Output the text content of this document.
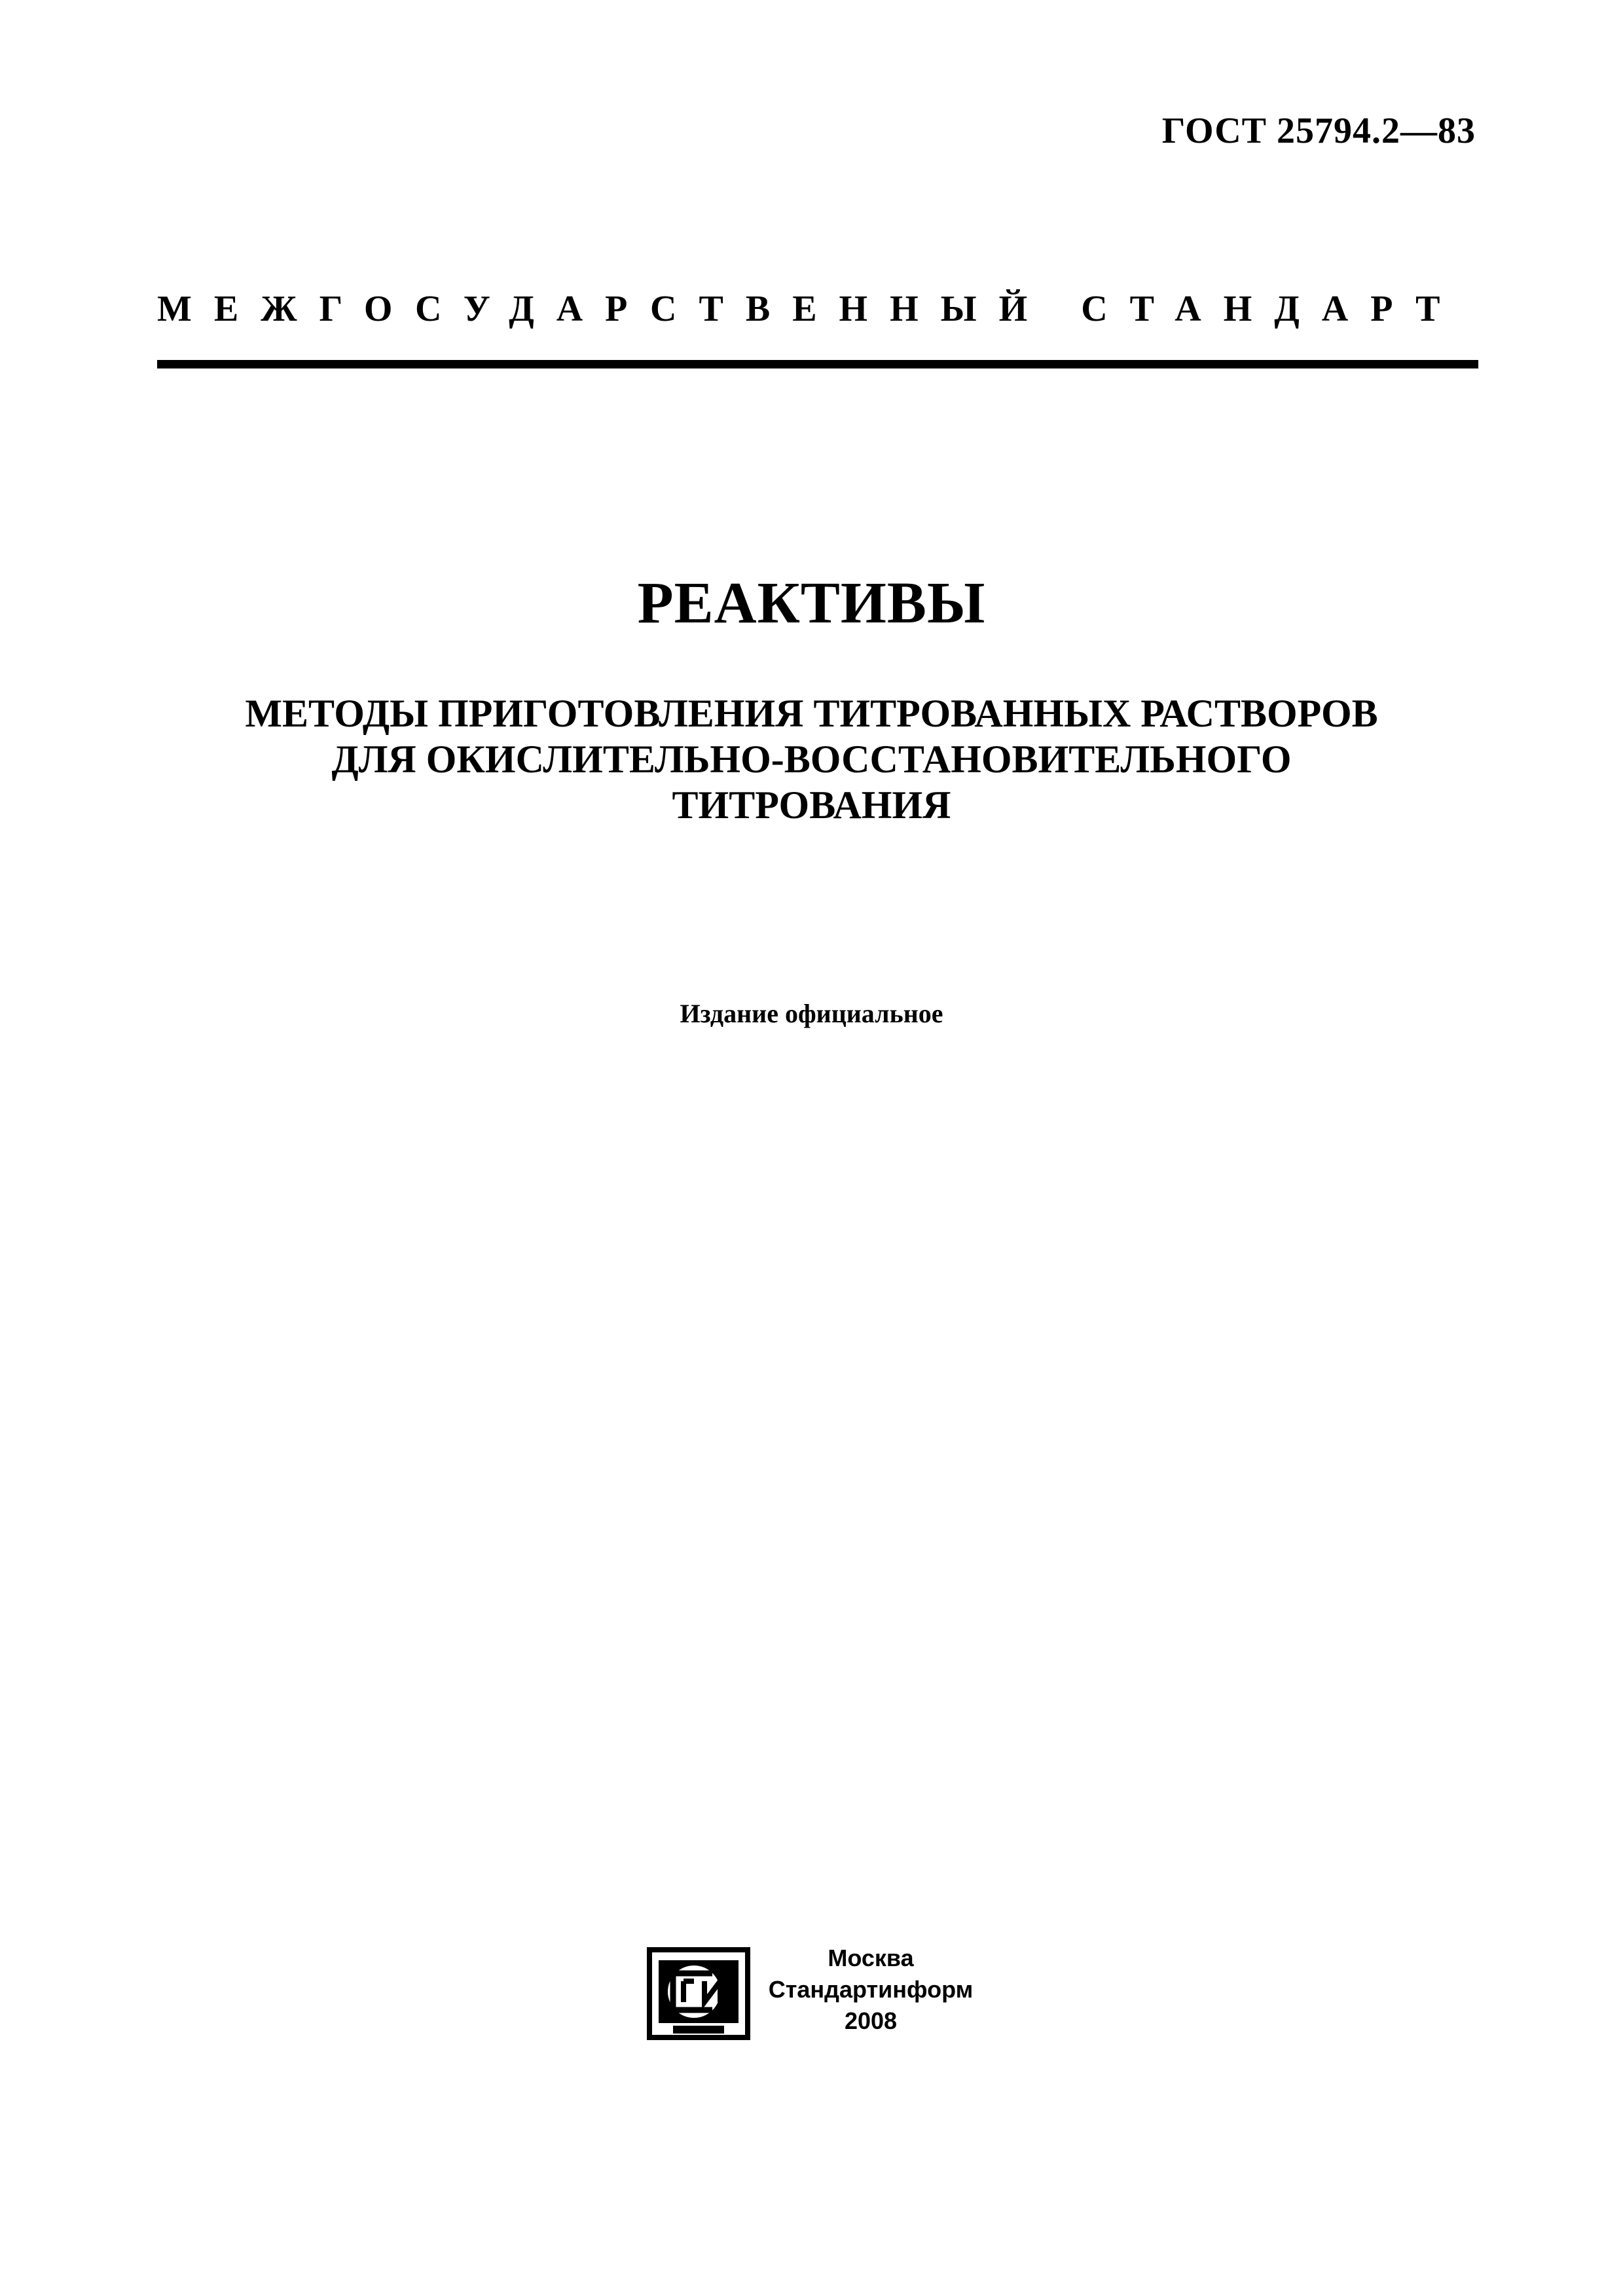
ГОСТ 25794.2—83
МЕЖГОСУДАРСТВЕННЫЙ СТАНДАРТ
РЕАКТИВЫ
МЕТОДЫ ПРИГОТОВЛЕНИЯ ТИТРОВАННЫХ РАСТВОРОВ
ДЛЯ ОКИСЛИТЕЛЬНО-ВОССТАНОВИТЕЛЬНОГО
ТИТРОВАНИЯ
Издание официальное
Москва
Стандартинформ
2008
